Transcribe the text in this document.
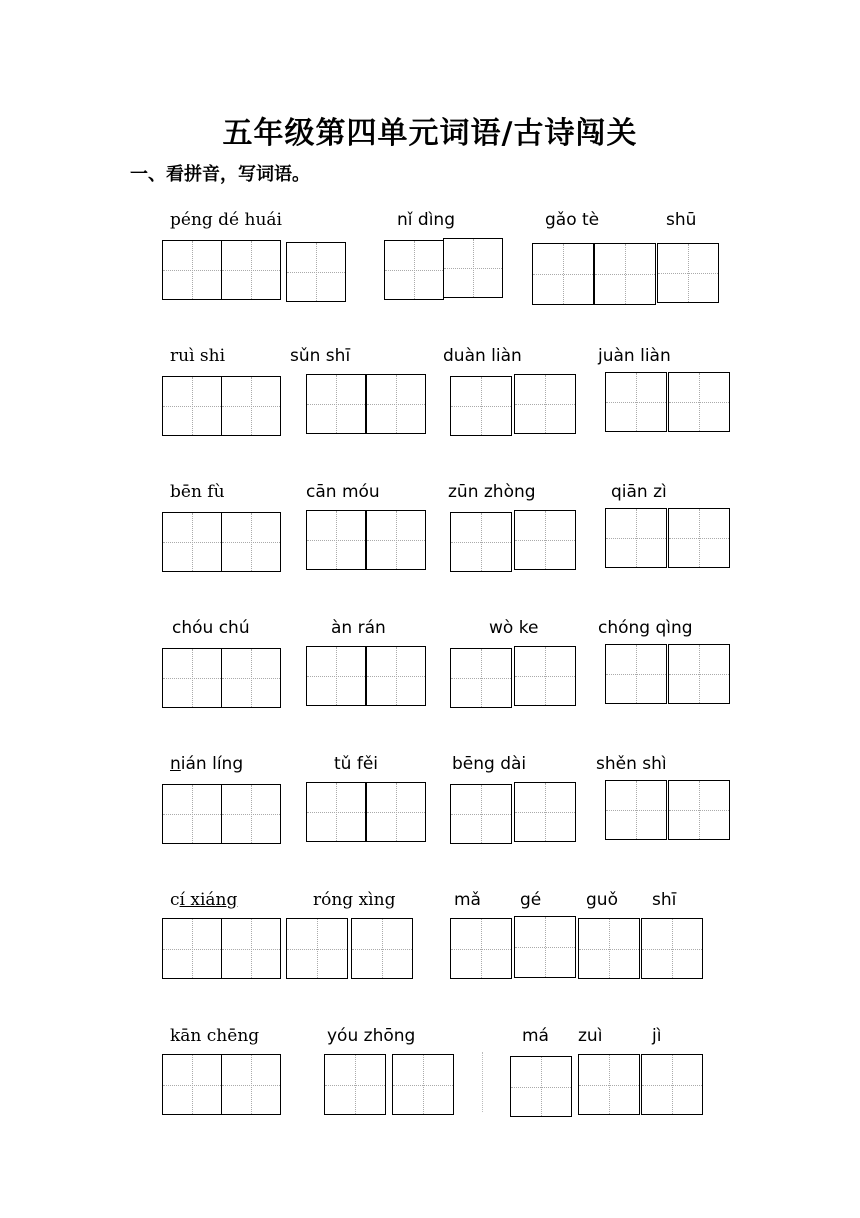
五年级第四单元词语/古诗闯关
一、看拼音，写词语。
péng dé huái	nǐ dìng	gǎo tè	shū
ruì shi	sǔn shī	duàn liàn	juàn liàn
bēn fù	cān móu	zūn zhòng	qiān zì
chóu chú	àn rán	wò ke	chóng qìng
nián líng	tǔ fěi	bēng dài	shěn shì
cí xiáng	róng xìng	mǎ gé	guǒ shī
kān chēng	yóu zhōng	má zuì	jì
